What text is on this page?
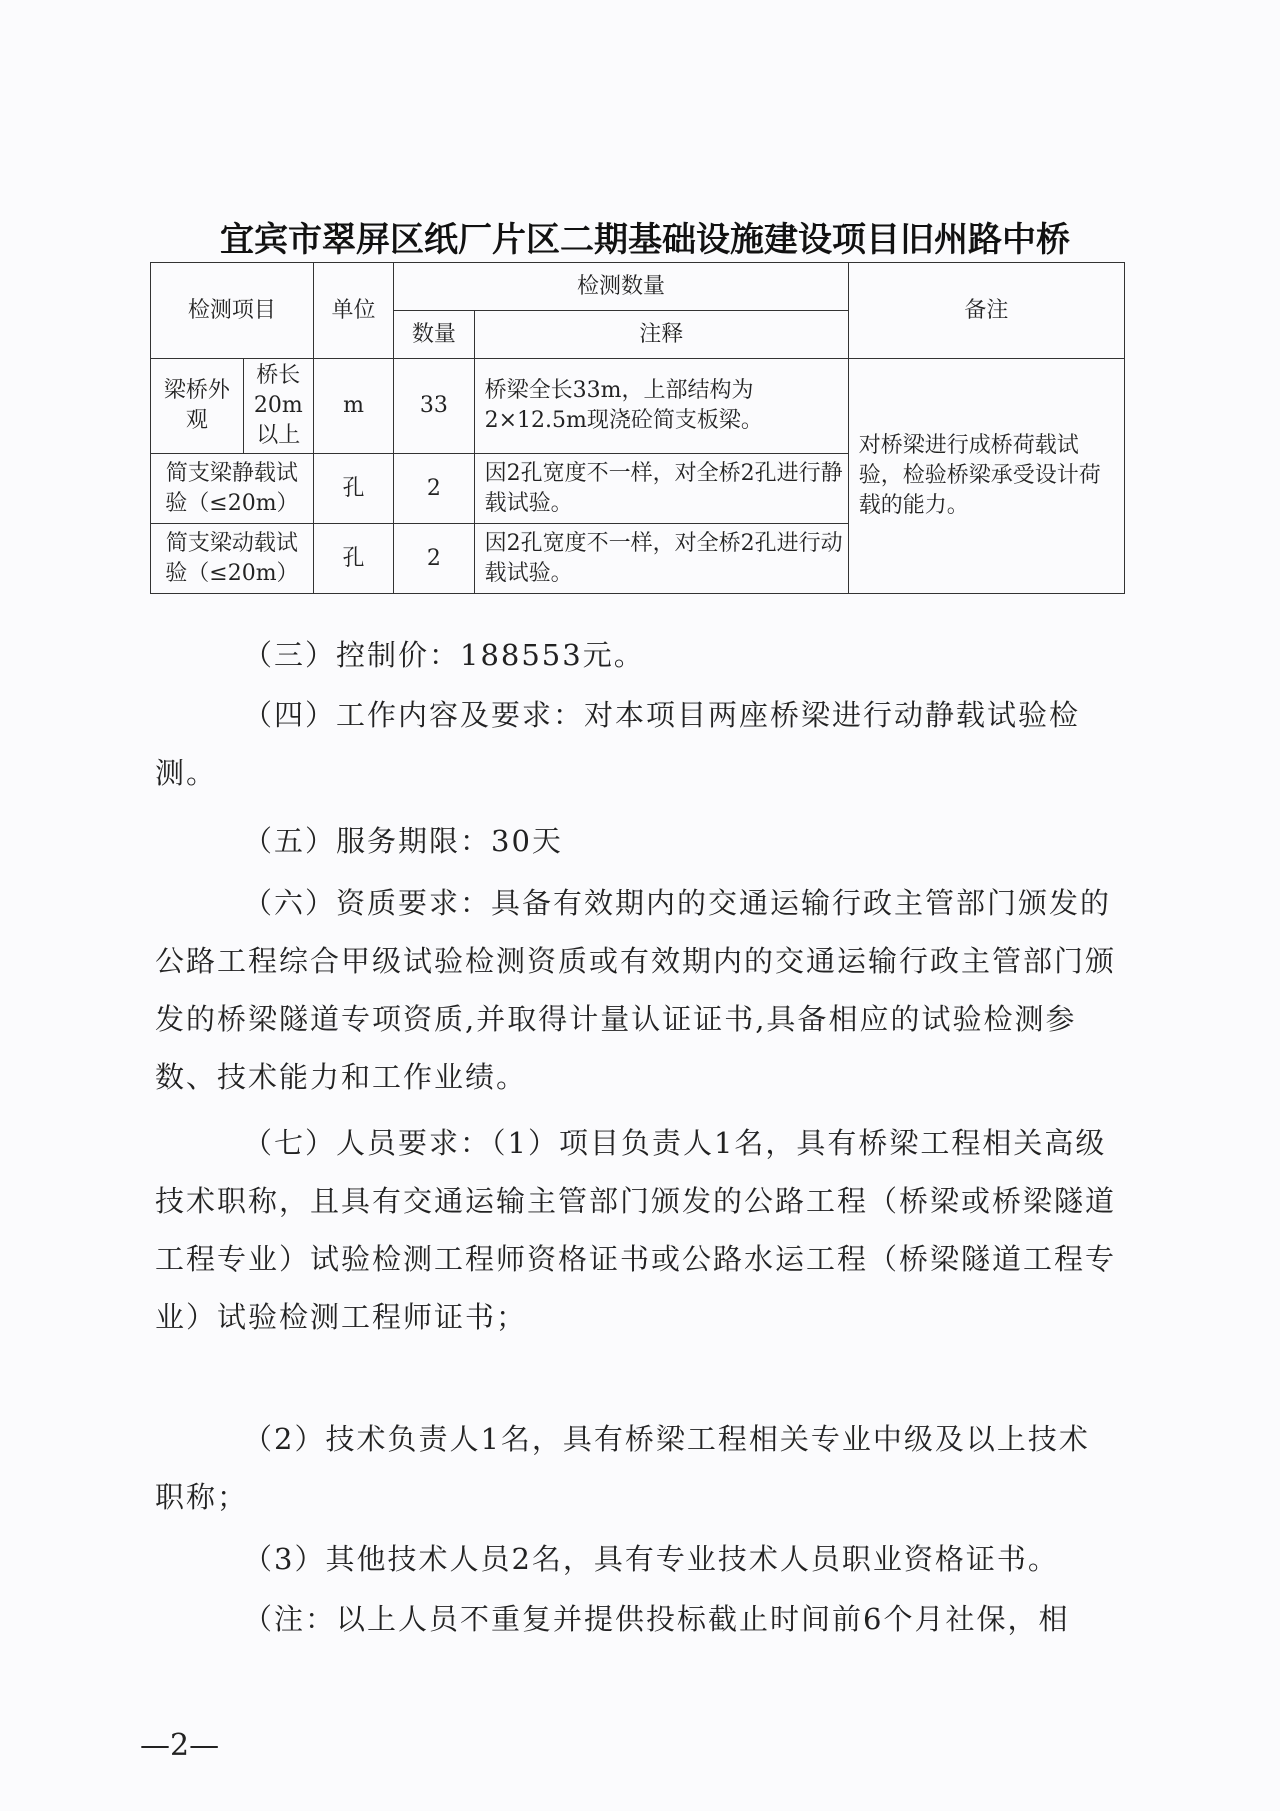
宜宾市翠屏区纸厂片区二期基础设施建设项目旧州路中桥
检测项目		单位	检测数量		备注
			数量	注释	
梁桥外观	桥长20m以上	m	33	桥梁全长33m，上部结构为2×12.5m现浇砼简支板梁。	对桥梁进行成桥荷载试验，检验桥梁承受设计荷载的能力。
简支梁静载试验（≤20m）		孔	2	因2孔宽度不一样，对全桥2孔进行静载试验。	
简支梁动载试验（≤20m）		孔	2	因2孔宽度不一样，对全桥2孔进行动载试验。	

（三）控制价：188553元。

（四）工作内容及要求：对本项目两座桥梁进行动静载试验检测。

（五）服务期限：30天

（六）资质要求：具备有效期内的交通运输行政主管部门颁发的公路工程综合甲级试验检测资质或有效期内的交通运输行政主管部门颁发的桥梁隧道专项资质,并取得计量认证证书,具备相应的试验检测参数、技术能力和工作业绩。

（七）人员要求：（1）项目负责人1名，具有桥梁工程相关高级技术职称，且具有交通运输主管部门颁发的公路工程（桥梁或桥梁隧道工程专业）试验检测工程师资格证书或公路水运工程（桥梁隧道工程专业）试验检测工程师证书；

（2）技术负责人1名，具有桥梁工程相关专业中级及以上技术职称；

（3）其他技术人员2名，具有专业技术人员职业资格证书。

（注：以上人员不重复并提供投标截止时间前6个月社保，相

—2—
